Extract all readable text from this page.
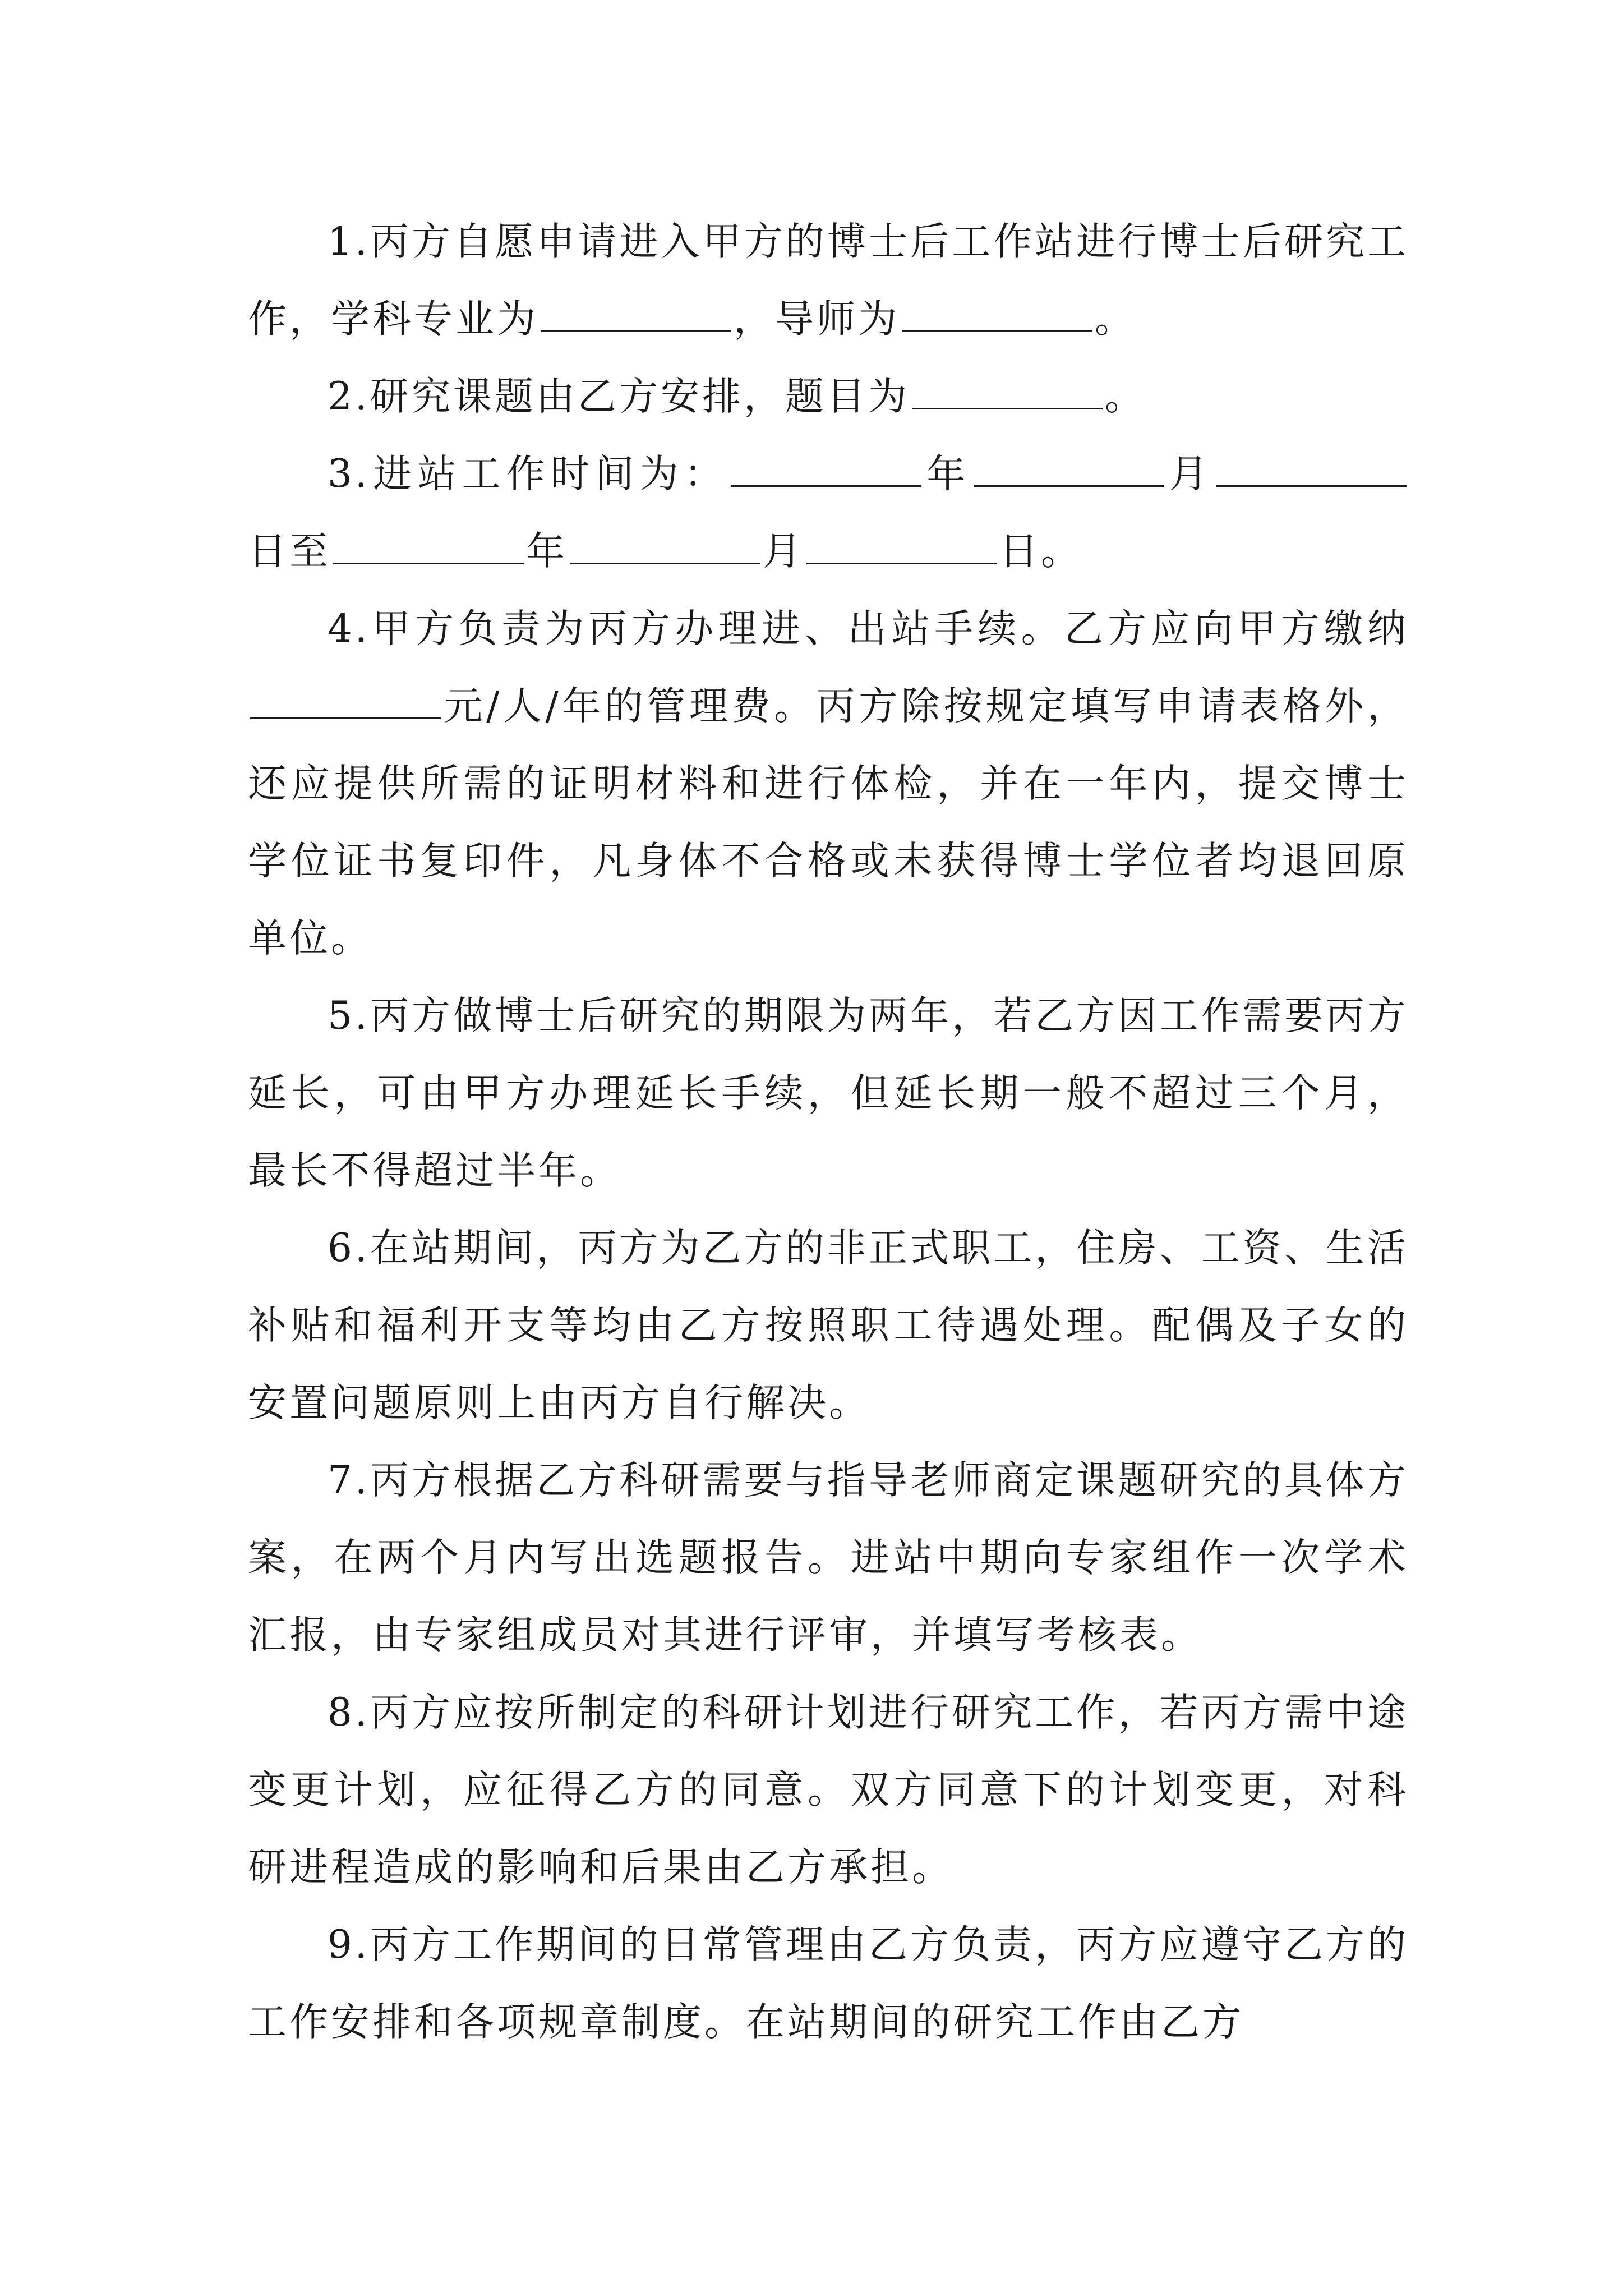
1.丙方自愿申请进入甲方的博士后工作站进行博士后研究工作，学科专业为	，导师为	。

2.研究课题由乙方安排，题目为	。

3.进站工作时间为：	年	月日至	年	月	日。

4.甲方负责为丙方办理进、出站手续。乙方应向甲方缴纳元/人/年的管理费。丙方除按规定填写申请表格外，还应提供所需的证明材料和进行体检，并在一年内，提交博士学位证书复印件，凡身体不合格或未获得博士学位者均退回原单位。

5.丙方做博士后研究的期限为两年，若乙方因工作需要丙方延长，可由甲方办理延长手续，但延长期一般不超过三个月，最长不得超过半年。

6.在站期间，丙方为乙方的非正式职工，住房、工资、生活补贴和福利开支等均由乙方按照职工待遇处理。配偶及子女的安置问题原则上由丙方自行解决。

7.丙方根据乙方科研需要与指导老师商定课题研究的具体方案，在两个月内写出选题报告。进站中期向专家组作一次学术汇报，由专家组成员对其进行评审，并填写考核表。

8.丙方应按所制定的科研计划进行研究工作，若丙方需中途变更计划，应征得乙方的同意。双方同意下的计划变更，对科研进程造成的影响和后果由乙方承担。

9.丙方工作期间的日常管理由乙方负责，丙方应遵守乙方的工作安排和各项规章制度。在站期间的研究工作由乙方
